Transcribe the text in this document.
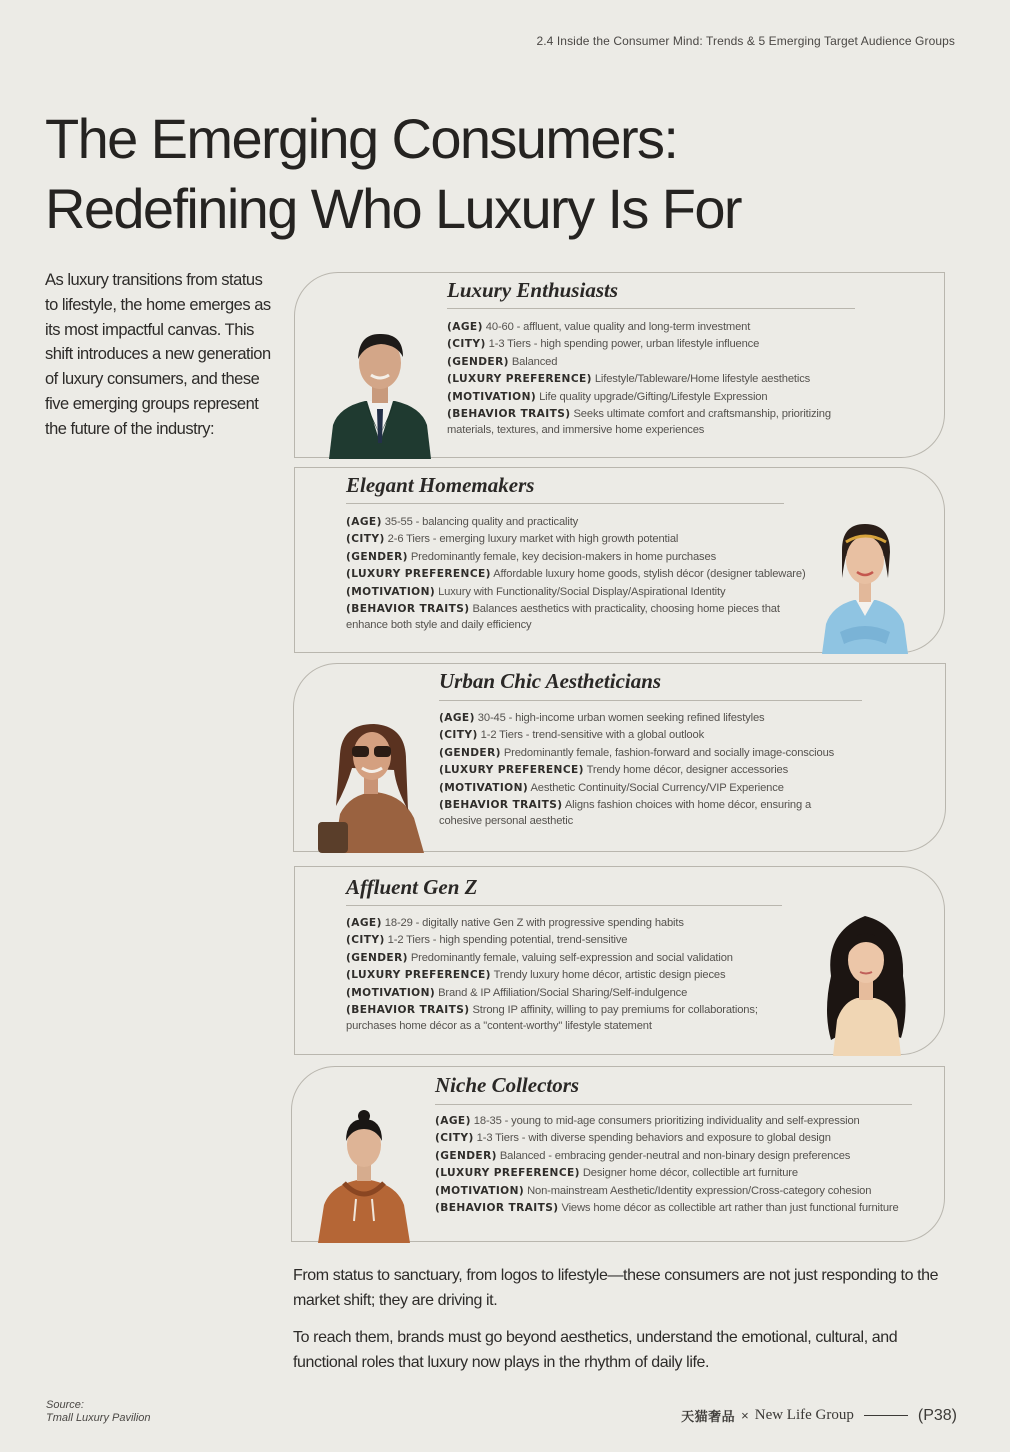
2.4 Inside the Consumer Mind: Trends & 5 Emerging Target Audience Groups
The Emerging Consumers:
Redefining Who Luxury Is For
As luxury transitions from status to lifestyle, the home emerges as its most impactful canvas. This shift introduces a new generation of luxury consumers, and these five emerging groups represent the future of the industry:
Luxury Enthusiasts
(AGE) 40-60 - affluent, value quality and long-term investment
(CITY) 1-3 Tiers - high spending power, urban lifestyle influence
(GENDER) Balanced
(LUXURY PREFERENCE) Lifestyle/Tableware/Home lifestyle aesthetics
(MOTIVATION) Life quality upgrade/Gifting/Lifestyle Expression
(BEHAVIOR TRAITS) Seeks ultimate comfort and craftsmanship, prioritizing materials, textures, and immersive home experiences
Elegant Homemakers
(AGE) 35-55 - balancing quality and practicality
(CITY) 2-6 Tiers - emerging luxury market with high growth potential
(GENDER) Predominantly female, key decision-makers in home purchases
(LUXURY PREFERENCE) Affordable luxury home goods, stylish décor (designer tableware)
(MOTIVATION) Luxury with Functionality/Social Display/Aspirational Identity
(BEHAVIOR TRAITS) Balances aesthetics with practicality, choosing home pieces that enhance both style and daily efficiency
Urban Chic Aestheticians
(AGE) 30-45 - high-income urban women seeking refined lifestyles
(CITY) 1-2 Tiers - trend-sensitive with a global outlook
(GENDER) Predominantly female, fashion-forward and socially image-conscious
(LUXURY PREFERENCE) Trendy home décor, designer accessories
(MOTIVATION) Aesthetic Continuity/Social Currency/VIP Experience
(BEHAVIOR TRAITS) Aligns fashion choices with home décor, ensuring a cohesive personal aesthetic
Affluent Gen Z
(AGE) 18-29 - digitally native Gen Z with progressive spending habits
(CITY) 1-2 Tiers - high spending potential, trend-sensitive
(GENDER) Predominantly female, valuing self-expression and social validation
(LUXURY PREFERENCE) Trendy luxury home décor, artistic design pieces
(MOTIVATION) Brand & IP Affiliation/Social Sharing/Self-indulgence
(BEHAVIOR TRAITS) Strong IP affinity, willing to pay premiums for collaborations; purchases home décor as a "content-worthy" lifestyle statement
Niche Collectors
(AGE) 18-35 - young to mid-age consumers prioritizing individuality and self-expression
(CITY) 1-3 Tiers - with diverse spending behaviors and exposure to global design
(GENDER) Balanced - embracing gender-neutral and non-binary design preferences
(LUXURY PREFERENCE) Designer home décor, collectible art furniture
(MOTIVATION) Non-mainstream Aesthetic/Identity expression/Cross-category cohesion
(BEHAVIOR TRAITS) Views home décor as collectible art rather than just functional furniture

From status to sanctuary, from logos to lifestyle—these consumers are not just responding to the market shift; they are driving it.

To reach them, brands must go beyond aesthetics, understand the emotional, cultural, and functional roles that luxury now plays in the rhythm of daily life.

Source:
Tmall Luxury Pavilion	天猫奢品 × New Life Group	(P38)
